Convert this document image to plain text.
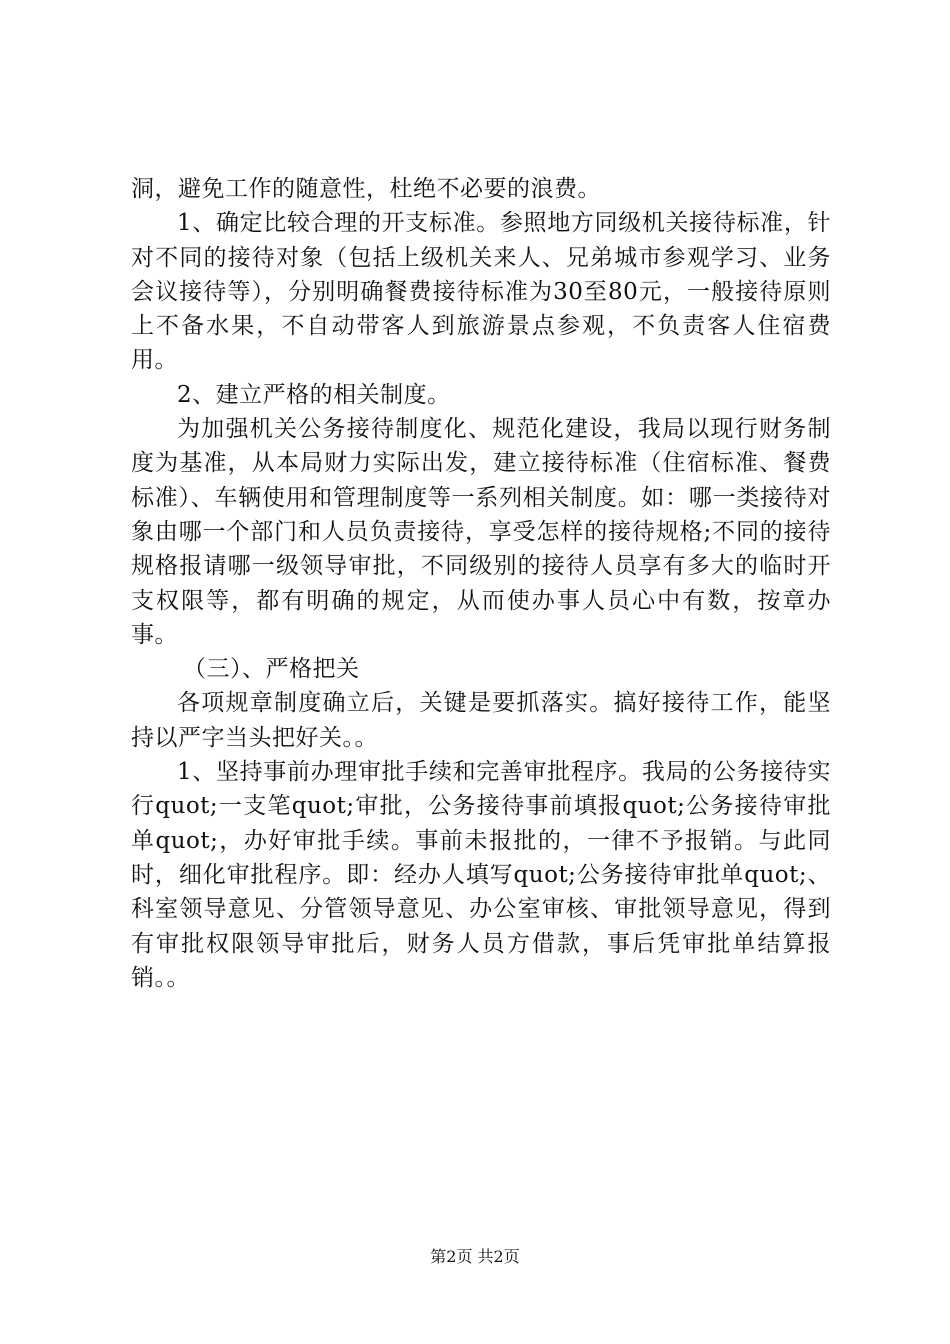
洞，避免工作的随意性，杜绝不必要的浪费。

1、确定比较合理的开支标准。参照地方同级机关接待标准，针对不同的接待对象（包括上级机关来人、兄弟城市参观学习、业务会议接待等），分别明确餐费接待标准为30至80元，一般接待原则上不备水果，不自动带客人到旅游景点参观，不负责客人住宿费用。

2、建立严格的相关制度。

为加强机关公务接待制度化、规范化建设，我局以现行财务制度为基准，从本局财力实际出发，建立接待标准（住宿标准、餐费标准）、车辆使用和管理制度等一系列相关制度。如：哪一类接待对象由哪一个部门和人员负责接待，享受怎样的接待规格;不同的接待规格报请哪一级领导审批，不同级别的接待人员享有多大的临时开支权限等，都有明确的规定，从而使办事人员心中有数，按章办事。

（三）、严格把关

各项规章制度确立后，关键是要抓落实。搞好接待工作，能坚持以严字当头把好关。。

1、坚持事前办理审批手续和完善审批程序。我局的公务接待实行quot;一支笔quot;审批，公务接待事前填报quot;公务接待审批单quot;，办好审批手续。事前未报批的，一律不予报销。与此同时，细化审批程序。即：经办人填写quot;公务接待审批单quot;、科室领导意见、分管领导意见、办公室审核、审批领导意见，得到有审批权限领导审批后，财务人员方借款，事后凭审批单结算报销。。

第2页 共2页
